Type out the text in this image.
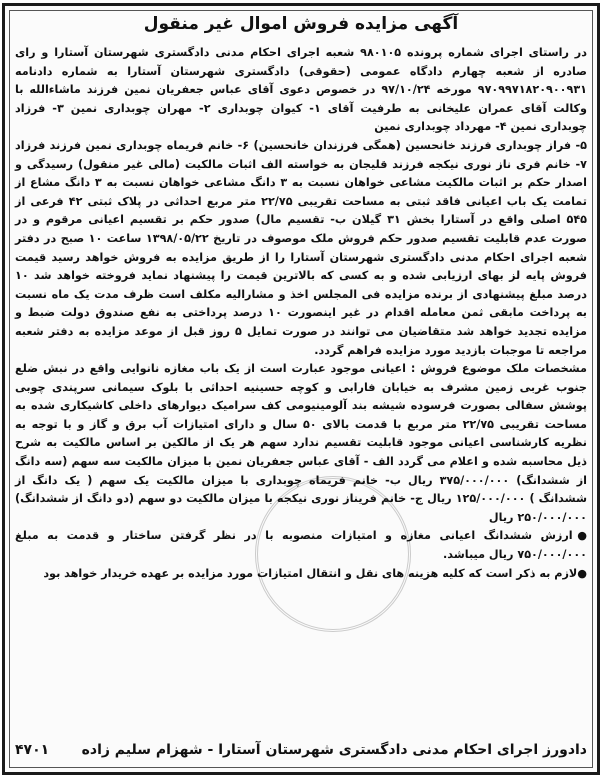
آگهی مزایده فروش اموال غیر منقول

در راستای اجرای شماره پرونده ۹۸۰۱۰۵ شعبه اجرای احکام مدنی دادگستری شهرستان آستارا و رای صادره از شعبه چهارم دادگاه عمومی (حقوقی) دادگستری شهرستان آستارا به شماره دادنامه ۹۷۰۹۹۷۱۸۲۰۹۰۰۹۳۱ مورخه ۹۷/۱۰/۲۴ در خصوص دعوی آقای عباس جعفریان نمین فرزند ماشاءالله با وکالت آقای عمران علیخانی به طرفیت آقای ۱- کیوان چوبداری ۲- مهران چوبداری نمین ۳- فرزاد چوبداری نمین ۴- مهرداد چوبداری نمین

۵- فراز چوبداری فرزند خانحسین (همگی فرزندان خانحسین) ۶- خانم فریماه چوبداری نمین فرزند فرزاد ۷- خانم فری ناز نوری نیکجه فرزند قلیجان به خواسته الف اثبات مالکیت (مالی غیر منقول) رسیدگی و اصدار حکم بر اثبات مالکیت مشاعی خواهان نسبت به ۳ دانگ مشاعی خواهان نسبت به ۳ دانگ مشاع از تمامت یک باب اعیانی فاقد ثبتی به مساحت تقریبی ۲۲/۷۵ متر مربع احداثی در پلاک ثبتی ۴۲ فرعی از ۵۴۵ اصلی واقع در آستارا بخش ۳۱ گیلان ب- تقسیم مال) صدور حکم بر تقسیم اعیانی مرقوم و در صورت عدم قابلیت تقسیم صدور حکم فروش ملک موصوف در تاریخ ۱۳۹۸/۰۵/۲۲ ساعت ۱۰ صبح در دفتر شعبه اجرای احکام مدنی دادگستری شهرستان آستارا را از طریق مزایده به فروش خواهد رسید قیمت فروش پایه لز بهای ارزیابی شده و به کسی که بالاترین قیمت را پیشنهاد نماید فروخته خواهد شد ۱۰ درصد مبلغ پیشنهادی از برنده مزایده فی المجلس اخذ و مشارالیه مکلف است ظرف مدت یک ماه نسبت به پرداخت مابقی ثمن معامله اقدام در غیر اینصورت ۱۰ درصد پرداختی به نفع صندوق دولت ضبط و مزایده تجدید خواهد شد متقاضیان می توانند در صورت تمایل ۵ روز قبل از موعد مزایده به دفتر شعبه مراجعه تا موجبات بازدید مورد مزایده فراهم گردد.

مشخصات ملک موضوع فروش : اعیانی موجود عبارت است از یک باب مغازه نانوایی واقع در نبش ضلع جنوب غربی زمین مشرف به خیابان فارابی و کوچه حسینیه احداثی با بلوک سیمانی سرپندی چوبی پوشش سفالی بصورت فرسوده شیشه بند آلومینیومی کف سرامیک دیوارهای داخلی کاشیکاری شده به مساحت تقریبی ۲۲/۷۵ متر مربع با قدمت بالای ۵۰ سال و دارای امتیازات آب برق و گاز و با توجه به نظریه کارشناسی اعیانی موجود قابلیت تقسیم ندارد سهم هر یک از مالکین بر اساس مالکیت به شرح ذیل محاسبه شده و اعلام می گردد الف - آقای عباس جعفریان نمین با میزان مالکیت سه سهم (سه دانگ از ششدانگ) ۳۷۵/۰۰۰/۰۰۰ ریال ب- خانم فریماه چوبداری با میزان مالکیت یک سهم ( یک دانگ از ششدانگ ) ۱۲۵/۰۰۰/۰۰۰ ریال ج- خانم فریناز نوری نیکجه با میزان مالکیت دو سهم (دو دانگ از ششدانگ) ۲۵۰/۰۰۰/۰۰۰ ریال

●ارزش ششدانگ اعیانی مغازه و امتیازات منصوبه با در نظر گرفتن ساختار و قدمت به مبلغ ۷۵۰/۰۰۰/۰۰۰ ریال میباشد.

●لازم به ذکر است که کلیه هزینه های نقل و انتقال امتیازات مورد مزایده بر عهده خریدار خواهد بود

دادورز اجرای احکام مدنی دادگستری شهرستان آستارا - شهزام سلیم زاده
۴۷۰۱
